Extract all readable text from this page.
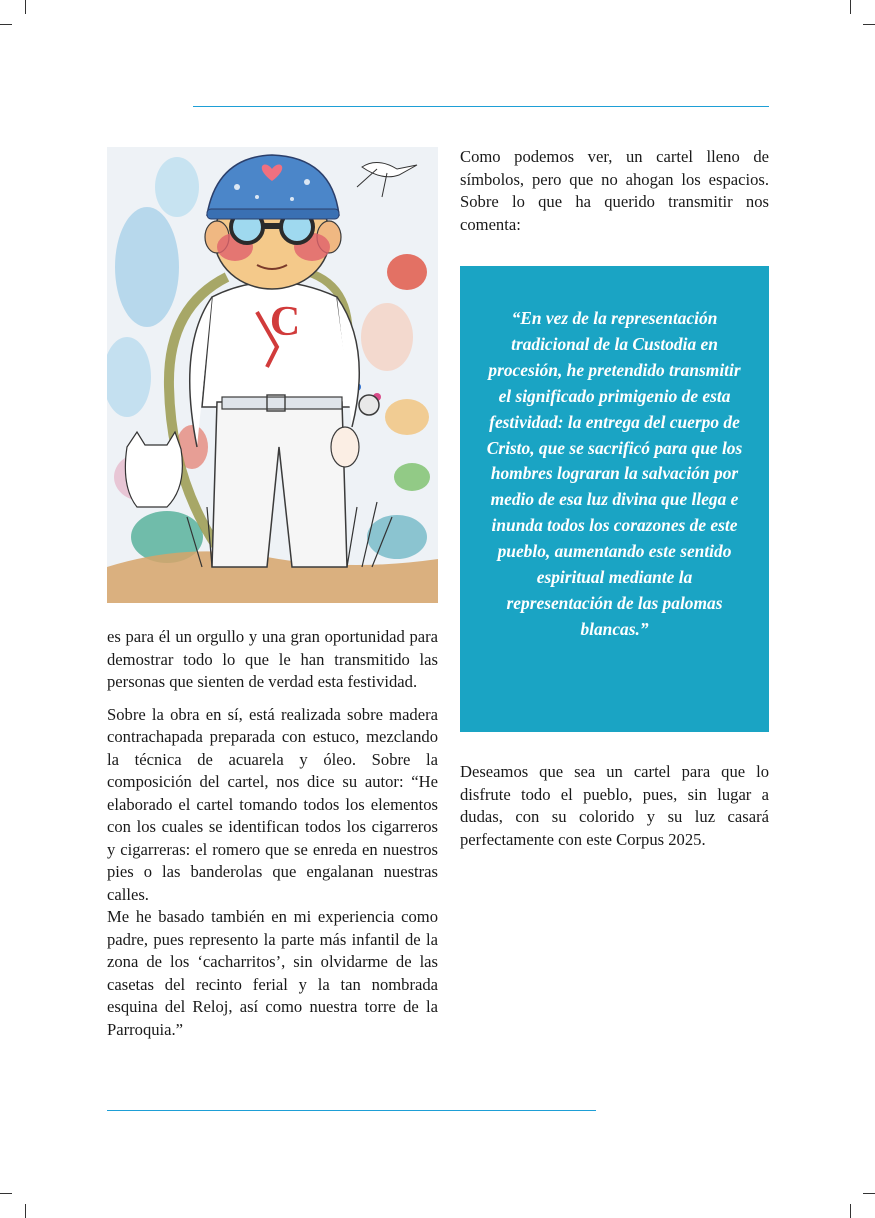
C

Como podemos ver, un cartel lleno de símbolos, pero que no ahogan los espacios. Sobre lo que ha querido transmitir nos comenta:

“En vez de la representación tradicional de la Custodia en procesión, he pretendido transmitir el significado primigenio de esta festividad: la entrega del cuerpo de Cristo, que se sacrificó para que los hombres lograran la salvación por medio de esa luz divina que llega e inunda todos los corazones de este pueblo, aumentando este sentido espiritual mediante la representación de las palomas blancas.”

Deseamos que sea un cartel para que lo disfrute todo el pueblo, pues, sin lugar a dudas, con su colorido y su luz casará perfectamente con este Corpus 2025.

es para él un orgullo y una gran oportunidad para demostrar todo lo que le han transmitido las personas que sienten de verdad esta festividad.

Sobre la obra en sí, está realizada sobre madera contrachapada preparada con estuco, mezclando la técnica de acuarela y óleo. Sobre la composición del cartel, nos dice su autor: “He elaborado el cartel tomando todos los elementos con los cuales se identifican todos los cigarreros y cigarreras: el romero que se enreda en nuestros pies o las banderolas que engalanan nuestras calles.

Me he basado también en mi experiencia como padre, pues represento la parte más infantil de la zona de los ‘cacharritos’, sin olvidarme de las casetas del recinto ferial y la tan nombrada esquina del Reloj, así como nuestra torre de la Parroquia.”
